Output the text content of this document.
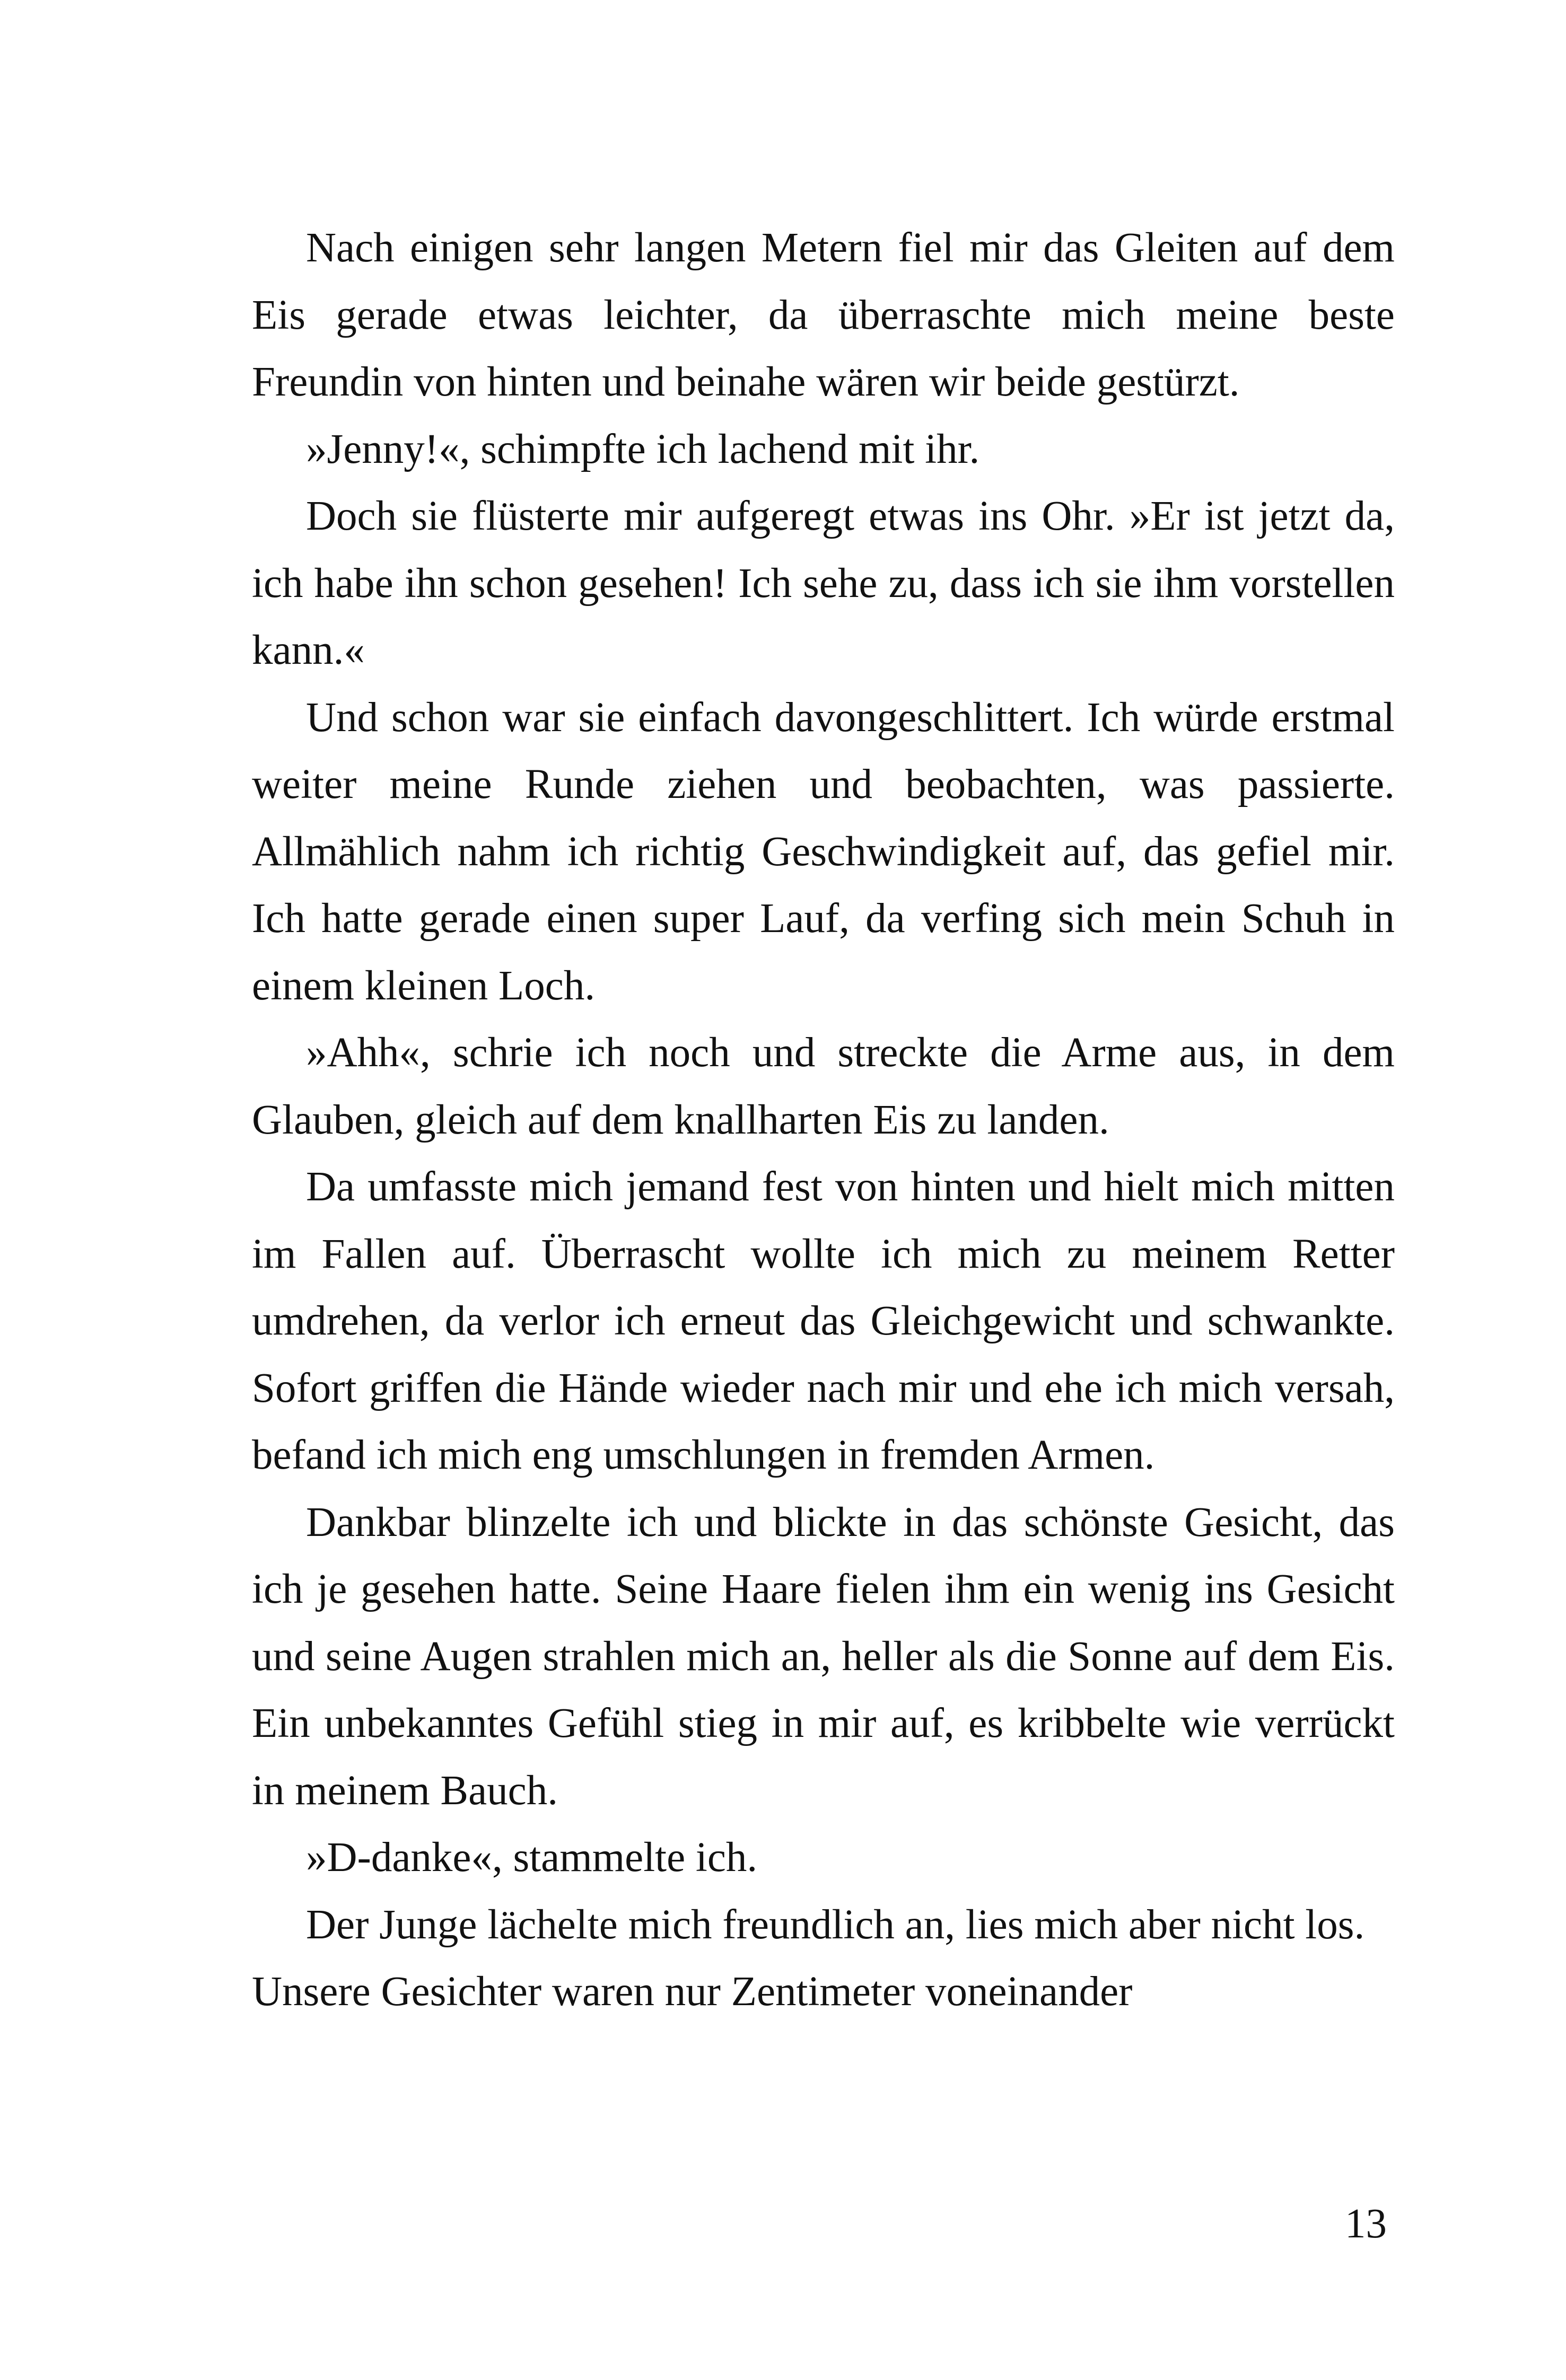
Nach einigen sehr langen Metern fiel mir das Gleiten auf dem Eis gerade etwas leichter, da überraschte mich meine beste Freundin von hinten und beinahe wären wir beide gestürzt.

»Jenny!«, schimpfte ich lachend mit ihr.

Doch sie flüsterte mir aufgeregt etwas ins Ohr. »Er ist jetzt da, ich habe ihn schon gesehen! Ich sehe zu, dass ich sie ihm vorstellen kann.«

Und schon war sie einfach davongeschlittert. Ich würde erstmal weiter meine Runde ziehen und beobachten, was passierte. Allmählich nahm ich richtig Geschwindigkeit auf, das gefiel mir. Ich hatte gerade einen super Lauf, da verfing sich mein Schuh in einem kleinen Loch.

»Ahh«, schrie ich noch und streckte die Arme aus, in dem Glauben, gleich auf dem knallharten Eis zu landen.

Da umfasste mich jemand fest von hinten und hielt mich mitten im Fallen auf. Überrascht wollte ich mich zu meinem Retter umdrehen, da verlor ich erneut das Gleichgewicht und schwankte. Sofort griffen die Hände wieder nach mir und ehe ich mich versah, befand ich mich eng umschlungen in fremden Armen.

Dankbar blinzelte ich und blickte in das schönste Gesicht, das ich je gesehen hatte. Seine Haare fielen ihm ein wenig ins Gesicht und seine Augen strahlen mich an, heller als die Sonne auf dem Eis. Ein unbekanntes Gefühl stieg in mir auf, es kribbelte wie verrückt in meinem Bauch.

»D-danke«, stammelte ich.

Der Junge lächelte mich freundlich an, lies mich aber nicht los. Unsere Gesichter waren nur Zentimeter voneinander

13
